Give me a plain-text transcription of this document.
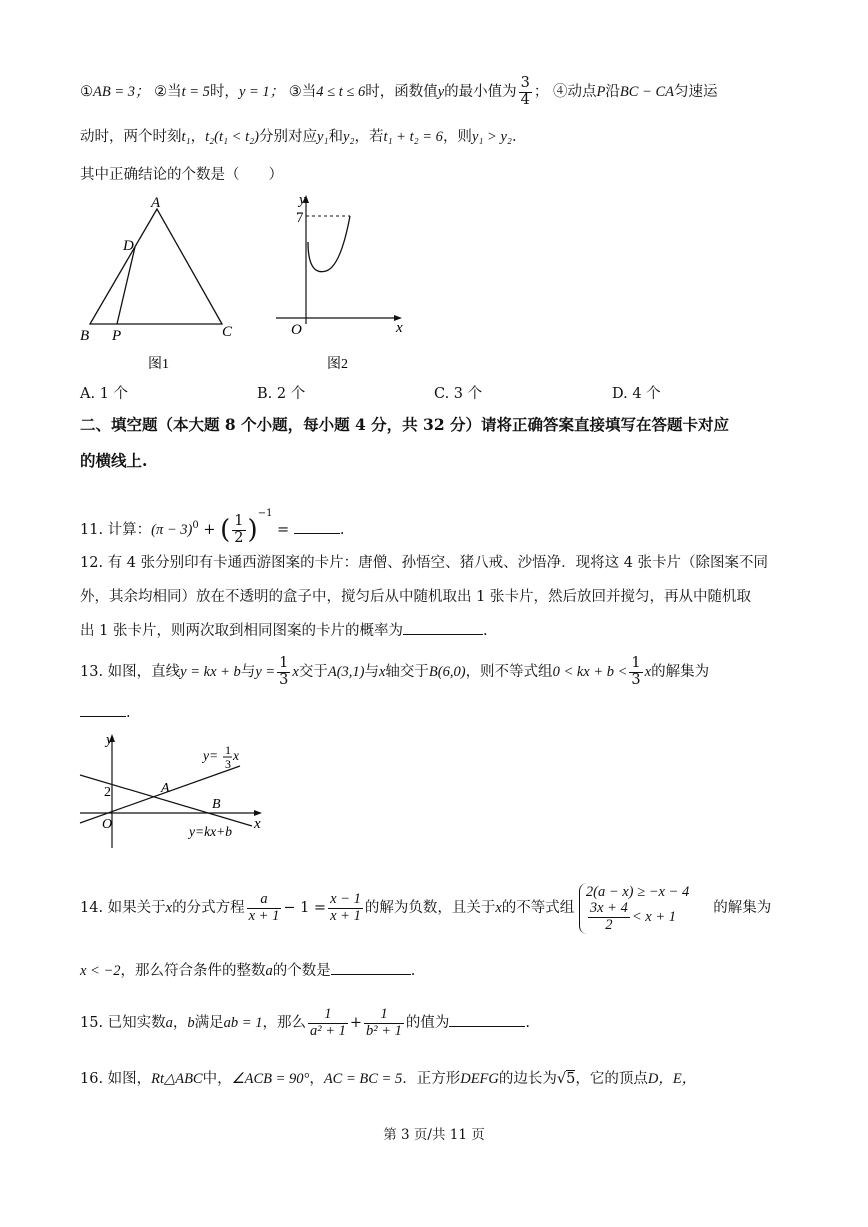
①AB = 3； ②当t = 5时，y = 1； ③当4 ≤ t ≤ 6时，函数值y的最小值为 $\frac{3}{4}$ ； ④动点P沿BC − CA匀速运
动时，两个时刻t₁，t₂(t₁ < t₂)分别对应y₁和y₂，若t₁ + t₂ = 6，则y₁ > y₂.
其中正确结论的个数是（　　）
A
D
B P	C
图1
7
y
x
O
图2
A. 1 个	B. 2 个	C. 3 个	D. 4 个
二、填空题（本大题 8 个小题，每小题 4 分，共 32 分）请将正确答案直接填写在答题卡对应
的横线上.
11. 计算：$(\pi - 3)^0$ + ( $\frac{1}{2} )^{-1}$ =	.
12. 有 4 张分别印有卡通西游图案的卡片：唐僧、孙悟空、猪八戒、沙悟净．现将这 4 张卡片（除图案不同
外，其余均相同）放在不透明的盒子中，搅匀后从中随机取出 1 张卡片，然后放回并搅匀，再从中随机取
出 1 张卡片，则两次取到相同图案的卡片的概率为	.
13. 如图，直线y = kx + b与$y = \frac{1}{3}$ x交于A(3,1)与x轴交于B(6,0)，则不等式组0 < kx + $b < \frac{1}{3}$ x的解集为
.
y
x
O
2	A
B
y=kx+b
y= 1
3
x
14. 如果关于x的分式方程 $\frac{a}{x + 1} - 1 = \frac{x - 1}{x + 1}$ 的解为负数，且关于x的不等式组
2(a − x) ≥ −x − 4
$\frac{3x + 4}{2} < x + 1$
的解集为
x < −2，那么符合条件的整数a的个数是	.
15. 已知实数a，b满足ab = 1，那么 $\frac{1}{\text{a² + 1}} + \frac{1}{\text{b² + 1}}$ 的值为	.
16. 如图，Rt△ABC中，∠ACB = 90°，AC = BC = 5．正方形DEFG的边长为√5，它的顶点D，E，
第 3 页/共 11 页
